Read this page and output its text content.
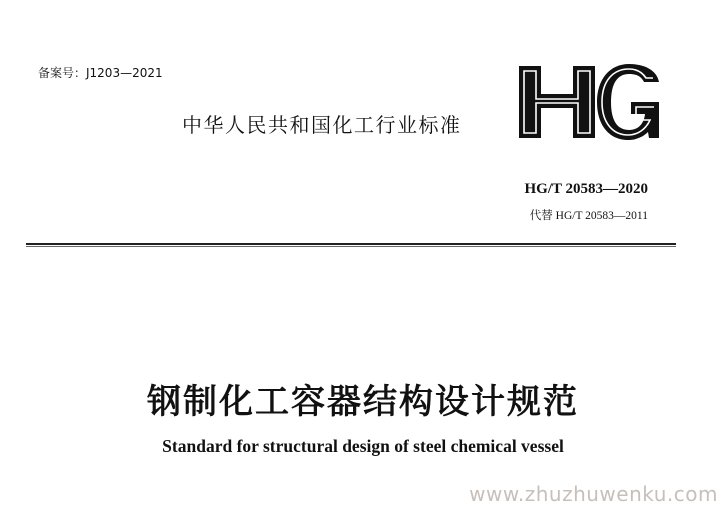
备案号：J1203—2021
中华人民共和国化工行业标准
HG/T 20583—2020
代替 HG/T 20583—2011
钢制化工容器结构设计规范
Standard for structural design of steel chemical vessel
www.zhuzhuwenku.com
